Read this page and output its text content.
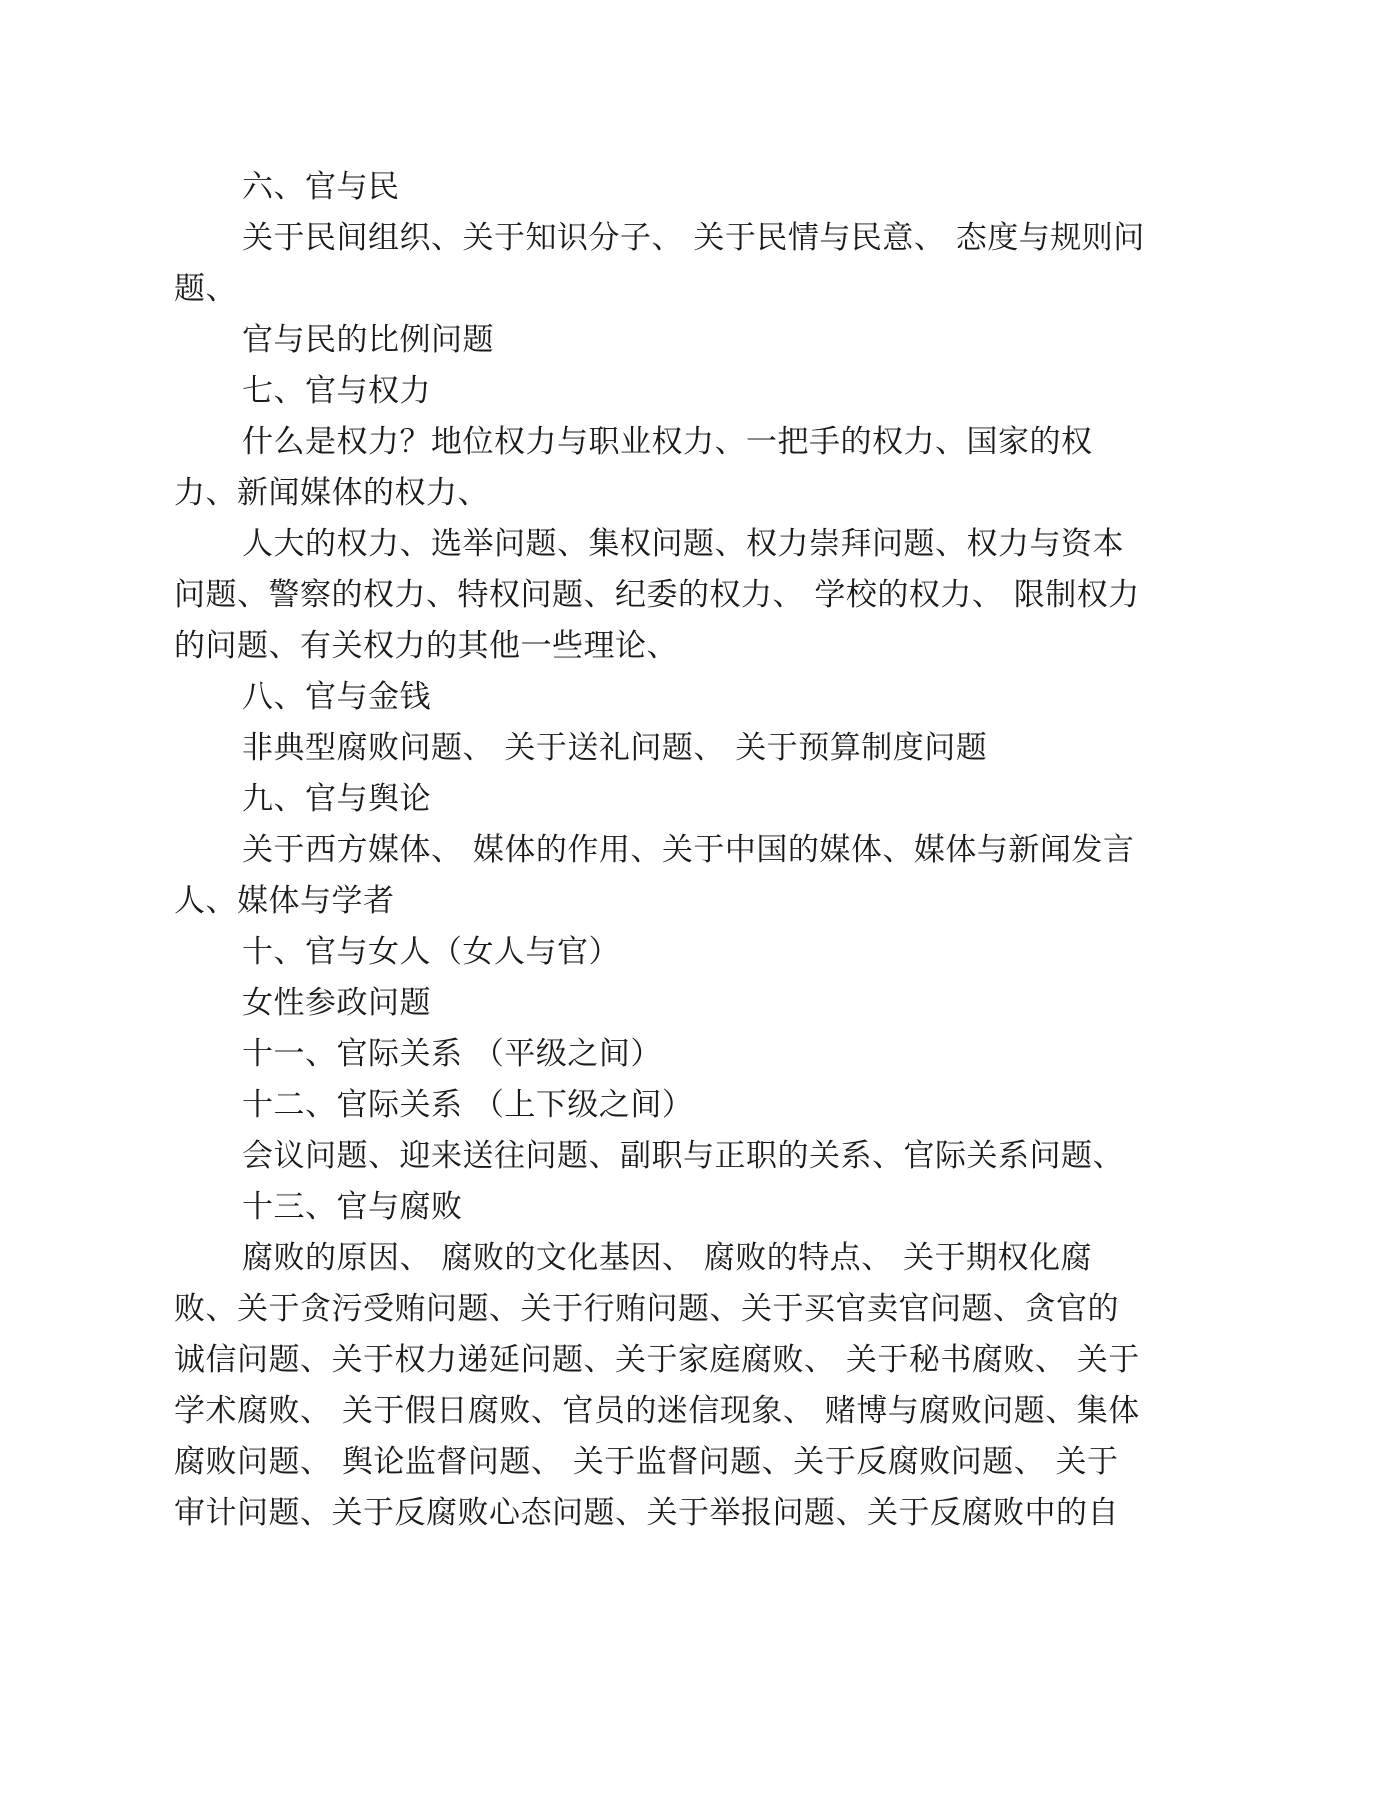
六、官与民
关于民间组织、关于知识分子、 关于民情与民意、 态度与规则问
题、
官与民的比例问题
七、官与权力
什么是权力？地位权力与职业权力、一把手的权力、国家的权
力、新闻媒体的权力、
人大的权力、选举问题、集权问题、权力崇拜问题、权力与资本
问题、警察的权力、特权问题、纪委的权力、 学校的权力、 限制权力
的问题、有关权力的其他一些理论、
八、官与金钱
非典型腐败问题、 关于送礼问题、 关于预算制度问题
九、官与舆论
关于西方媒体、 媒体的作用、关于中国的媒体、媒体与新闻发言
人、媒体与学者
十、官与女人（女人与官）
女性参政问题
十一、官际关系 （平级之间）
十二、官际关系 （上下级之间）
会议问题、迎来送往问题、副职与正职的关系、官际关系问题、
十三、官与腐败
腐败的原因、 腐败的文化基因、 腐败的特点、 关于期权化腐
败、关于贪污受贿问题、关于行贿问题、关于买官卖官问题、贪官的
诚信问题、关于权力递延问题、关于家庭腐败、 关于秘书腐败、 关于
学术腐败、 关于假日腐败、官员的迷信现象、 赌博与腐败问题、集体
腐败问题、 舆论监督问题、 关于监督问题、关于反腐败问题、 关于
审计问题、关于反腐败心态问题、关于举报问题、关于反腐败中的自
